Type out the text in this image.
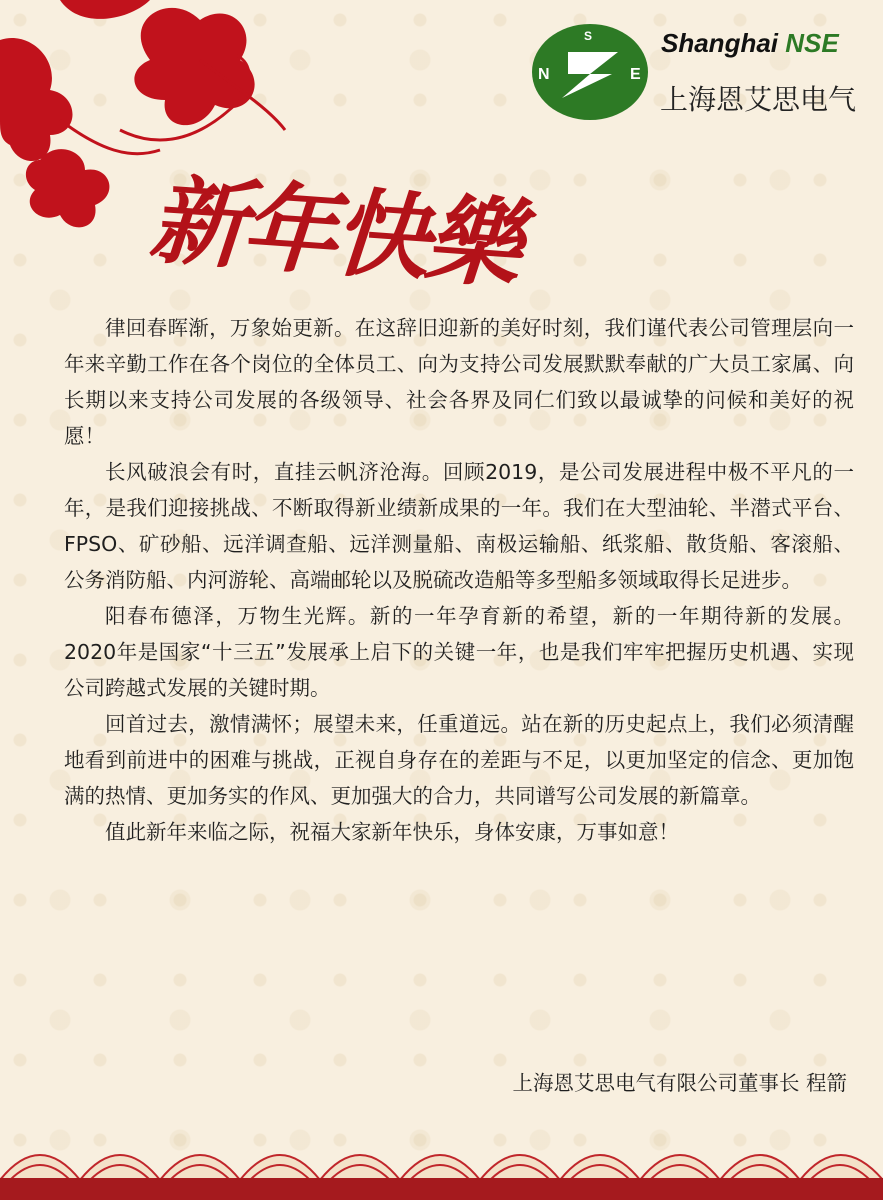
新年快樂
N
S
E
Shanghai NSE
上海恩艾思电气

律回春晖渐，万象始更新。在这辞旧迎新的美好时刻，我们谨代表公司管理层向一年来辛勤工作在各个岗位的全体员工、向为支持公司发展默默奉献的广大员工家属、向长期以来支持公司发展的各级领导、社会各界及同仁们致以最诚挚的问候和美好的祝愿！

长风破浪会有时，直挂云帆济沧海。回顾2019，是公司发展进程中极不平凡的一年，是我们迎接挑战、不断取得新业绩新成果的一年。我们在大型油轮、半潜式平台、FPSO、矿砂船、远洋调查船、远洋测量船、南极运输船、纸浆船、散货船、客滚船、公务消防船、内河游轮、高端邮轮以及脱硫改造船等多型船多领域取得长足进步。

阳春布德泽，万物生光辉。新的一年孕育新的希望，新的一年期待新的发展。2020年是国家“十三五”发展承上启下的关键一年，也是我们牢牢把握历史机遇、实现公司跨越式发展的关键时期。

回首过去，激情满怀；展望未来，任重道远。站在新的历史起点上，我们必须清醒地看到前进中的困难与挑战，正视自身存在的差距与不足，以更加坚定的信念、更加饱满的热情、更加务实的作风、更加强大的合力，共同谱写公司发展的新篇章。

值此新年来临之际，祝福大家新年快乐，身体安康，万事如意！

上海恩艾思电气有限公司董事长 程箭
